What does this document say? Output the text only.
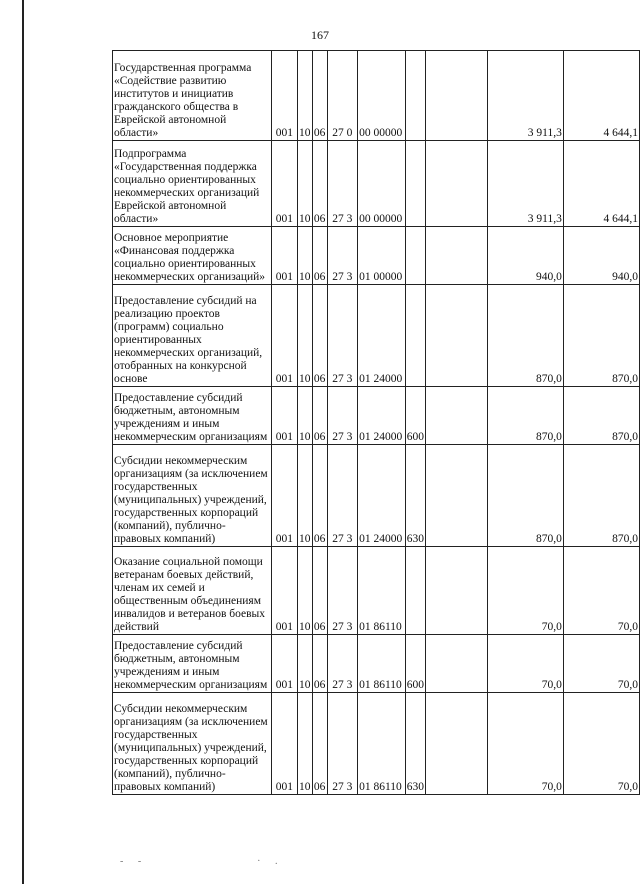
167
Государственная программа «Содействие развитию институтов и инициатив гражданского общества в Еврейской автономной области»	001	10	06	27 0	00 00000			3 911,3	4 644,1
Подпрограмма «Государственная поддержка социально ориентированных некоммерческих организаций Еврейской автономной области»	001	10	06	27 3	00 00000			3 911,3	4 644,1
Основное мероприятие «Финансовая поддержка социально ориентированных некоммерческих организаций»	001	10	06	27 3	01 00000			940,0	940,0
Предоставление субсидий на реализацию проектов (программ) социально ориентированных некоммерческих организаций, отобранных на конкурсной основе	001	10	06	27 3	01 24000			870,0	870,0
Предоставление субсидий бюджетным, автономным учреждениям и иным некоммерческим организациям	001	10	06	27 3	01 24000	600		870,0	870,0
Субсидии некоммерческим организациям (за исключением государственных (муниципальных) учреждений, государственных корпораций (компаний), публично-правовых компаний)	001	10	06	27 3	01 24000	630		870,0	870,0
Оказание социальной помощи ветеранам боевых действий, членам их семей и общественным объединениям инвалидов и ветеранов боевых действий	001	10	06	27 3	01 86110			70,0	70,0
Предоставление субсидий бюджетным, автономным учреждениям и иным некоммерческим организациям	001	10	06	27 3	01 86110	600		70,0	70,0
Субсидии некоммерческим организациям (за исключением государственных (муниципальных) учреждений, государственных корпораций (компаний), публично-правовых компаний)	001	10	06	27 3	01 86110	630		70,0	70,0
- -	· .
